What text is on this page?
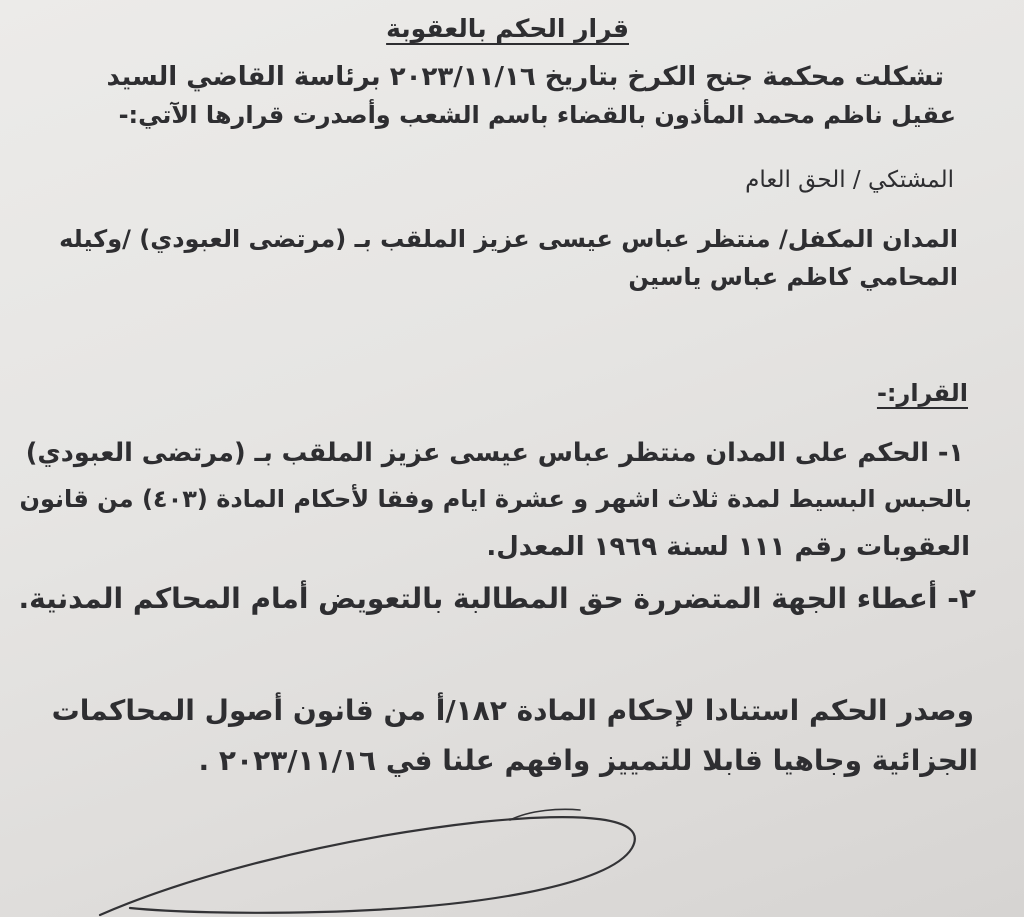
قرار الحكم بالعقوبة
تشكلت محكمة جنح الكرخ بتاريخ ٢٠٢٣/١١/١٦ برئاسة القاضي السيد
عقيل ناظم محمد المأذون بالقضاء باسم الشعب وأصدرت قرارها الآتي:-
المشتكي / الحق العام
المدان المكفل/ منتظر عباس عيسى عزيز الملقب بـ (مرتضى العبودي) /وكيله
المحامي كاظم عباس ياسين
القرار:-
١- الحكم على المدان منتظر عباس عيسى عزيز الملقب بـ (مرتضى العبودي)
بالحبس البسيط لمدة ثلاث اشهر و عشرة ايام وفقا لأحكام المادة (٤٠٣) من قانون
العقوبات رقم ١١١ لسنة ١٩٦٩ المعدل.
٢- أعطاء الجهة المتضررة حق المطالبة بالتعويض أمام المحاكم المدنية.
وصدر الحكم استنادا لإحكام المادة ١٨٢/أ من قانون أصول المحاكمات
الجزائية وجاهيا قابلا للتمييز وافهم علنا في ٢٠٢٣/١١/١٦ .
